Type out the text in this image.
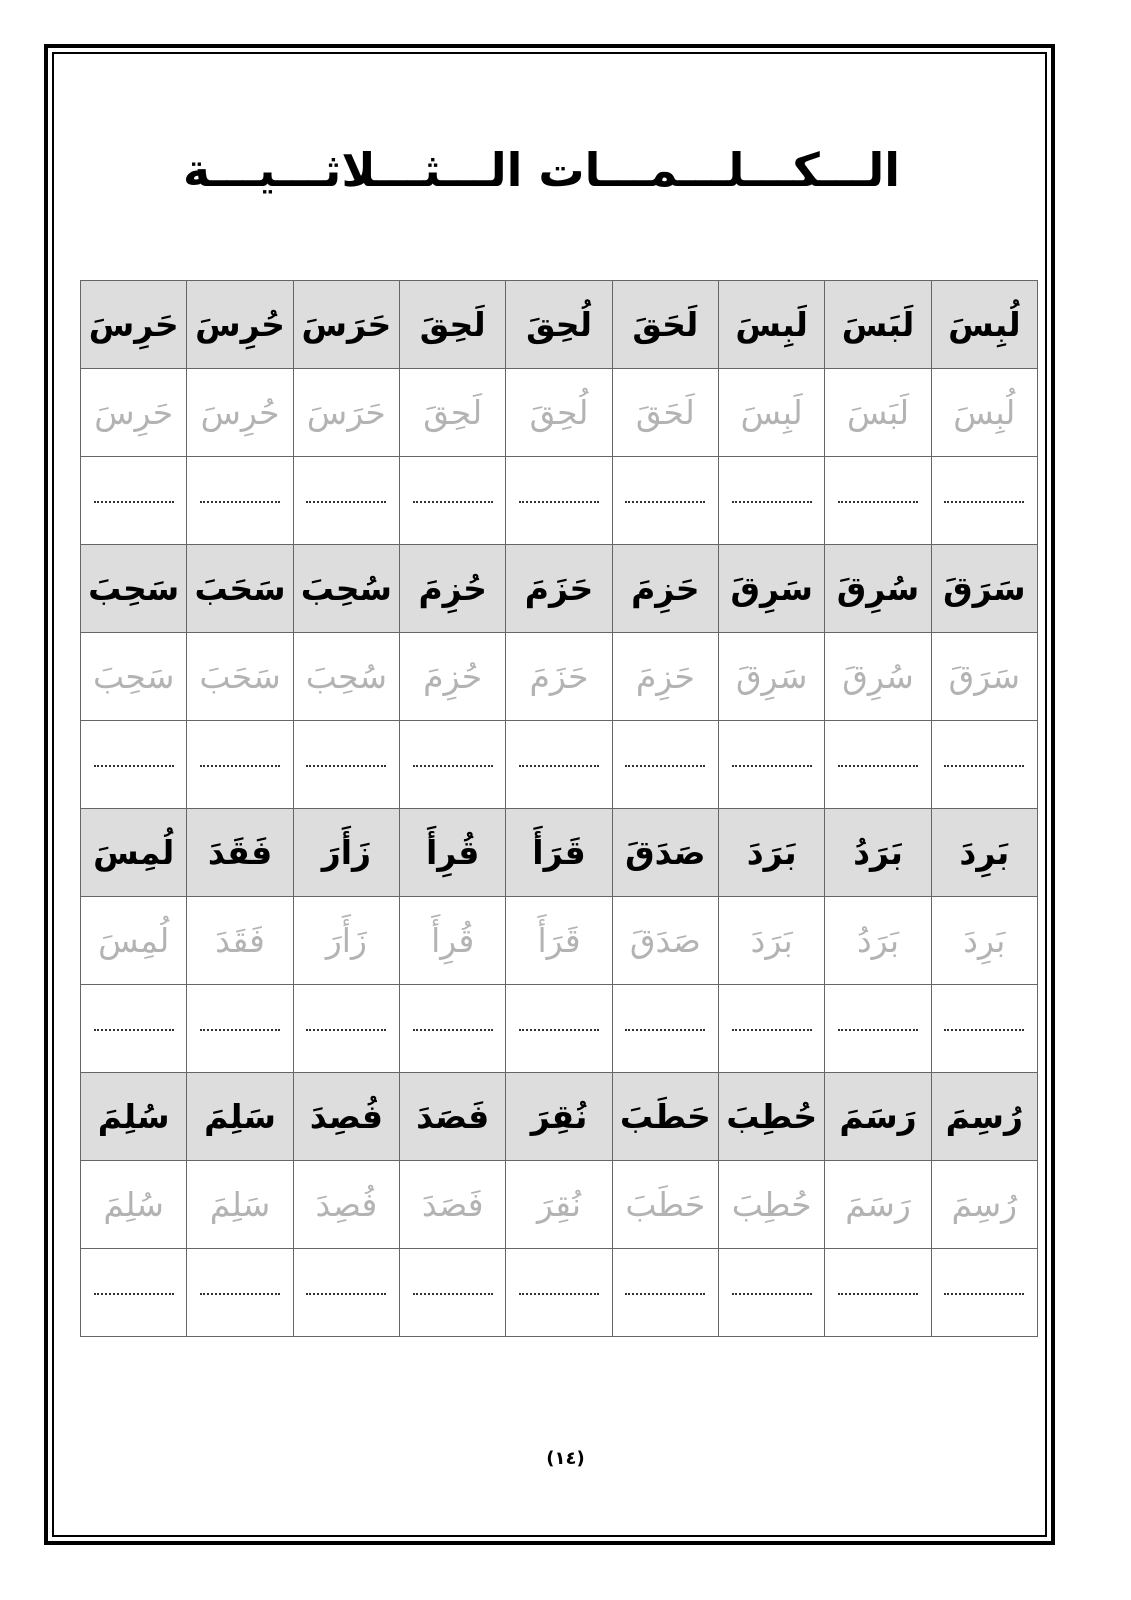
الـــكـــلـــمـــات الـــثـــلاثـــيـــة
لُبِسَ	لَبَسَ	لَبِسَ	لَحَقَ	لُحِقَ	لَحِقَ	حَرَسَ	حُرِسَ	حَرِسَ
لُبِسَ	لَبَسَ	لَبِسَ	لَحَقَ	لُحِقَ	لَحِقَ	حَرَسَ	حُرِسَ	حَرِسَ

سَرَقَ	سُرِقَ	سَرِقَ	حَزِمَ	حَزَمَ	حُزِمَ	سُحِبَ	سَحَبَ	سَحِبَ
سَرَقَ	سُرِقَ	سَرِقَ	حَزِمَ	حَزَمَ	حُزِمَ	سُحِبَ	سَحَبَ	سَحِبَ

بَرِدَ	بَرَدُ	بَرَدَ	صَدَقَ	قَرَأَ	قُرِأَ	زَأَرَ	فَقَدَ	لُمِسَ
بَرِدَ	بَرَدُ	بَرَدَ	صَدَقَ	قَرَأَ	قُرِأَ	زَأَرَ	فَقَدَ	لُمِسَ

رُسِمَ	رَسَمَ	حُطِبَ	حَطَبَ	نُقِرَ	فَصَدَ	فُصِدَ	سَلِمَ	سُلِمَ
رُسِمَ	رَسَمَ	حُطِبَ	حَطَبَ	نُقِرَ	فَصَدَ	فُصِدَ	سَلِمَ	سُلِمَ

(١٤)
